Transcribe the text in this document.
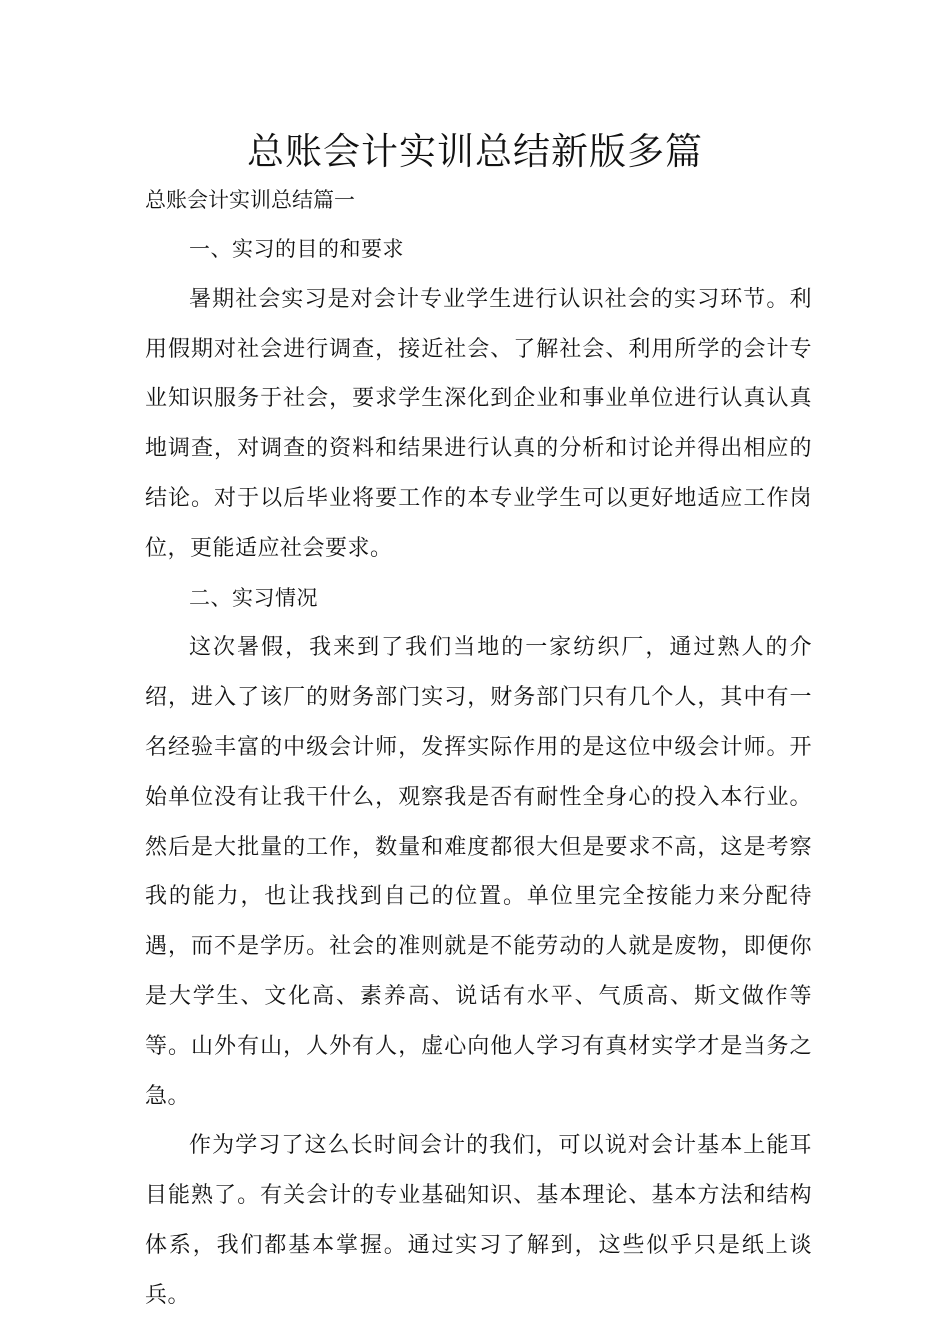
总账会计实训总结新版多篇

总账会计实训总结篇一

一、实习的目的和要求

暑期社会实习是对会计专业学生进行认识社会的实习环节。利用假期对社会进行调查，接近社会、了解社会、利用所学的会计专业知识服务于社会，要求学生深化到企业和事业单位进行认真认真地调查，对调查的资料和结果进行认真的分析和讨论并得出相应的结论。对于以后毕业将要工作的本专业学生可以更好地适应工作岗位，更能适应社会要求。

二、实习情况

这次暑假，我来到了我们当地的一家纺织厂，通过熟人的介绍，进入了该厂的财务部门实习，财务部门只有几个人，其中有一名经验丰富的中级会计师，发挥实际作用的是这位中级会计师。开始单位没有让我干什么，观察我是否有耐性全身心的投入本行业。然后是大批量的工作，数量和难度都很大但是要求不高，这是考察我的能力，也让我找到自己的位置。单位里完全按能力来分配待遇，而不是学历。社会的准则就是不能劳动的人就是废物，即便你是大学生、文化高、素养高、说话有水平、气质高、斯文做作等等。山外有山，人外有人，虚心向他人学习有真材实学才是当务之急。

作为学习了这么长时间会计的我们，可以说对会计基本上能耳目能熟了。有关会计的专业基础知识、基本理论、基本方法和结构体系，我们都基本掌握。通过实习了解到，这些似乎只是纸上谈兵。
